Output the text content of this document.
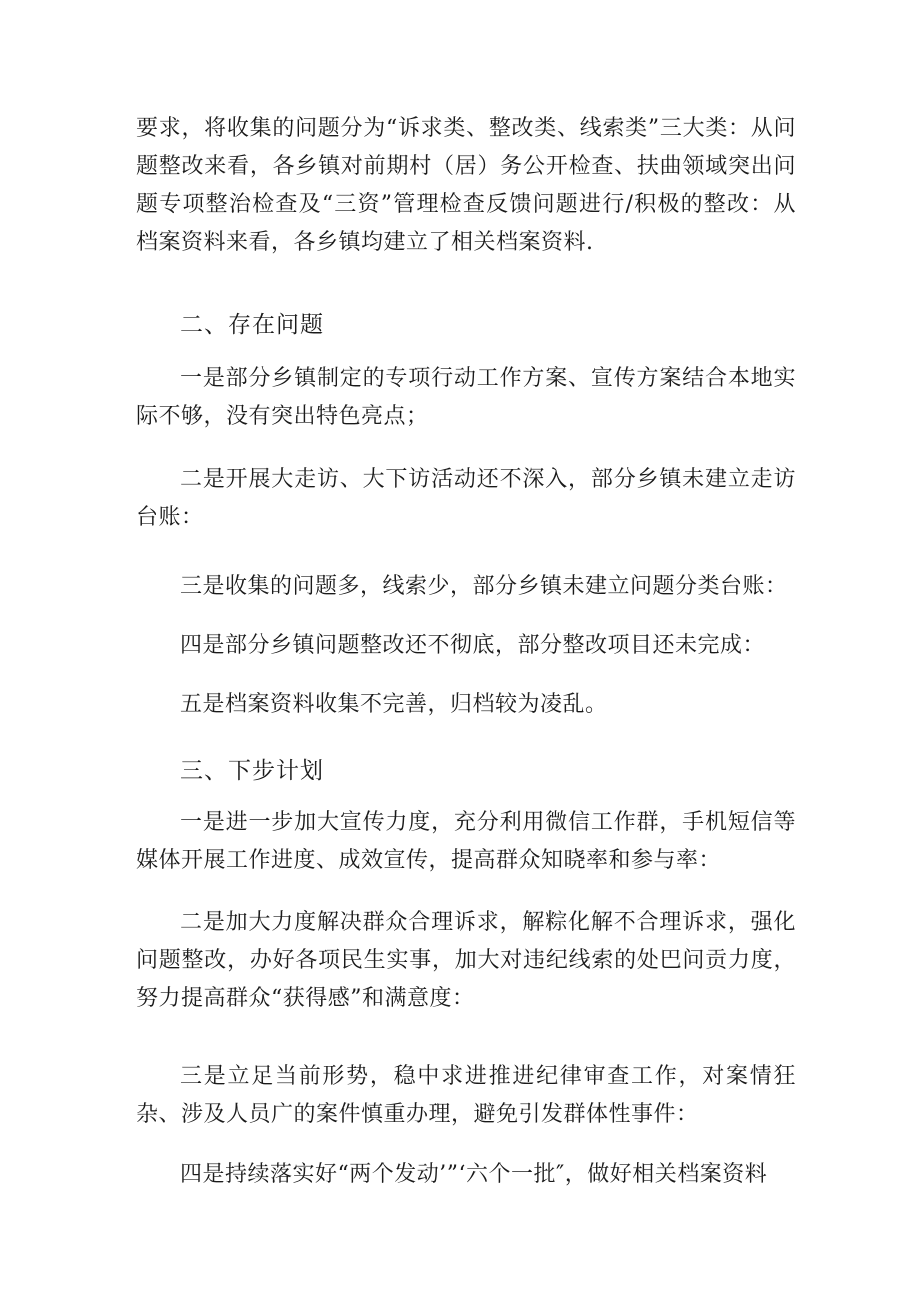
要求，将收集的问题分为“诉求类、整改类、线索类”三大类：从问题整改来看，各乡镇对前期村（居）务公开检查、扶曲领域突出问题专项整治检查及“三资”管理检查反馈问题进行/积极的整改：从档案资料来看，各乡镇均建立了相关档案资料.

二、存在问题

一是部分乡镇制定的专项行动工作方案、宣传方案结合本地实际不够，没有突出特色亮点；

二是开展大走访、大下访活动还不深入，部分乡镇未建立走访台账：

三是收集的问题多，线索少，部分乡镇未建立问题分类台账：

四是部分乡镇问题整改还不彻底，部分整改项目还未完成：

五是档案资料收集不完善，归档较为凌乱。

三、下步计划

一是进一步加大宣传力度，充分利用微信工作群，手机短信等媒体开展工作进度、成效宣传，提高群众知晓率和参与率：

二是加大力度解决群众合理诉求，解粽化解不合理诉求，强化问题整改，办好各项民生实事，加大对违纪线索的处巴问贡力度，努力提高群众“获得感”和满意度：

三是立足当前形势，稳中求进推进纪律审查工作，对案情狂杂、涉及人员广的案件慎重办理，避免引发群体性事件：

四是持续落实好“两个发动’”‘六个一批″，做好相关档案资料
